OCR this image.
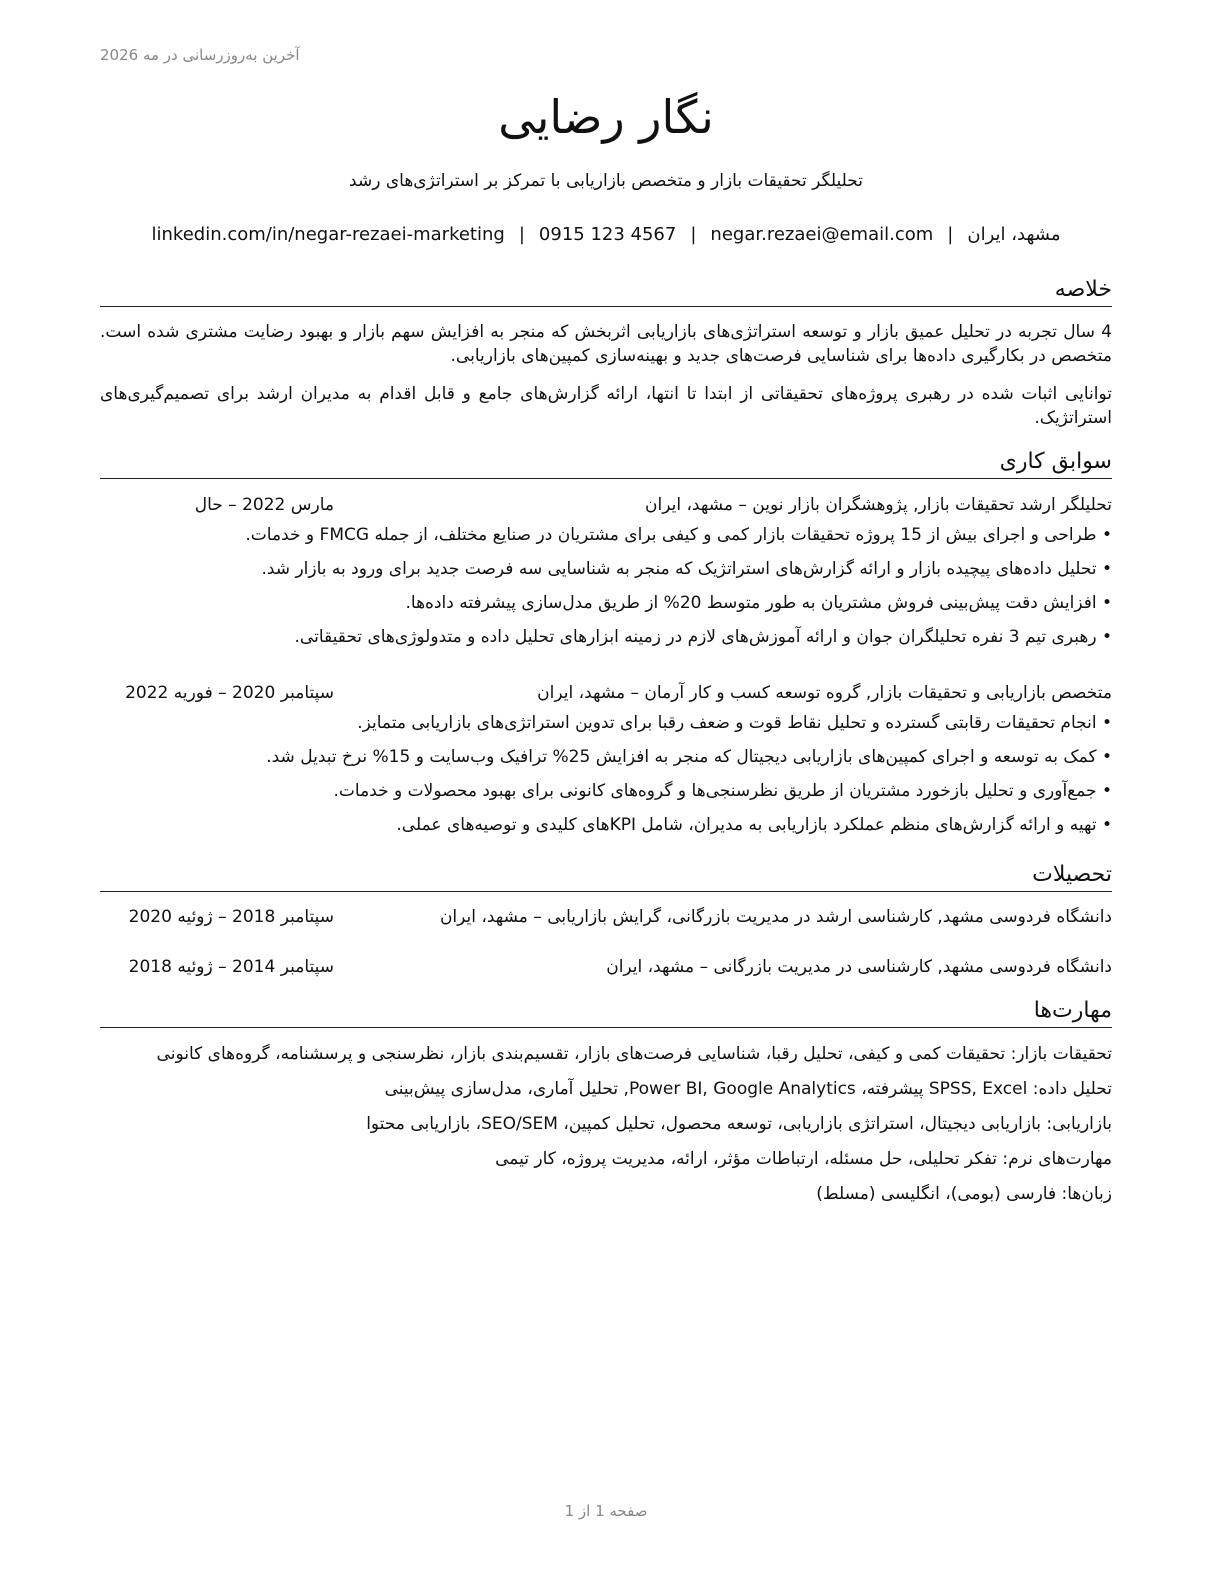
آخرین به‌روزرسانی در مه 2026
نگار رضایی
تحلیلگر تحقیقات بازار و متخصص بازاریابی با تمرکز بر استراتژی‌های رشد
مشهد، ایران|negar.rezaei@email.com|0915 123 4567|linkedin.com/in/negar-rezaei-marketing
خلاصه

4 سال تجربه در تحلیل عمیق بازار و توسعه استراتژی‌های بازاریابی اثربخش که منجر به افزایش سهم بازار و بهبود رضایت مشتری شده است. متخصص در بکارگیری داده‌ها برای شناسایی فرصت‌های جدید و بهینه‌سازی کمپین‌های بازاریابی.

توانایی اثبات شده در رهبری پروژه‌های تحقیقاتی از ابتدا تا انتها، ارائه گزارش‌های جامع و قابل اقدام به مدیران ارشد برای تصمیم‌گیری‌های استراتژیک.

سوابق کاری
تحلیلگر ارشد تحقیقات بازار, پژوهشگران بازار نوین – مشهد، ایران
مارس 2022 – حال
• طراحی و اجرای بیش از 15 پروژه تحقیقات بازار کمی و کیفی برای مشتریان در صنایع مختلف، از جمله FMCG و خدمات.
• تحلیل داده‌های پیچیده بازار و ارائه گزارش‌های استراتژیک که منجر به شناسایی سه فرصت جدید برای ورود به بازار شد.
• افزایش دقت پیش‌بینی فروش مشتریان به طور متوسط 20% از طریق مدل‌سازی پیشرفته داده‌ها.
• رهبری تیم 3 نفره تحلیلگران جوان و ارائه آموزش‌های لازم در زمینه ابزارهای تحلیل داده و متدولوژی‌های تحقیقاتی.
متخصص بازاریابی و تحقیقات بازار, گروه توسعه کسب و کار آرمان – مشهد، ایران
سپتامبر 2020 – فوریه 2022
• انجام تحقیقات رقابتی گسترده و تحلیل نقاط قوت و ضعف رقبا برای تدوین استراتژی‌های بازاریابی متمایز.
• کمک به توسعه و اجرای کمپین‌های بازاریابی دیجیتال که منجر به افزایش 25% ترافیک وب‌سایت و 15% نرخ تبدیل شد.
• جمع‌آوری و تحلیل بازخورد مشتریان از طریق نظرسنجی‌ها و گروه‌های کانونی برای بهبود محصولات و خدمات.
• تهیه و ارائه گزارش‌های منظم عملکرد بازاریابی به مدیران، شامل KPIهای کلیدی و توصیه‌های عملی.
تحصیلات
دانشگاه فردوسی مشهد, کارشناسی ارشد در مدیریت بازرگانی، گرایش بازاریابی – مشهد، ایران
سپتامبر 2018 – ژوئیه 2020
دانشگاه فردوسی مشهد, کارشناسی در مدیریت بازرگانی – مشهد، ایران
سپتامبر 2014 – ژوئیه 2018
مهارت‌ها
تحقیقات بازار: تحقیقات کمی و کیفی، تحلیل رقبا، شناسایی فرصت‌های بازار، تقسیم‌بندی بازار، نظرسنجی و پرسشنامه، گروه‌های کانونی
تحلیل داده: SPSS, Excel پیشرفته، Power BI, Google Analytics, تحلیل آماری، مدل‌سازی پیش‌بینی
بازاریابی: بازاریابی دیجیتال، استراتژی بازاریابی، توسعه محصول، تحلیل کمپین، SEO/SEM، بازاریابی محتوا
مهارت‌های نرم: تفکر تحلیلی، حل مسئله، ارتباطات مؤثر، ارائه، مدیریت پروژه، کار تیمی
زبان‌ها: فارسی (بومی)، انگلیسی (مسلط)
صفحه 1 از 1
